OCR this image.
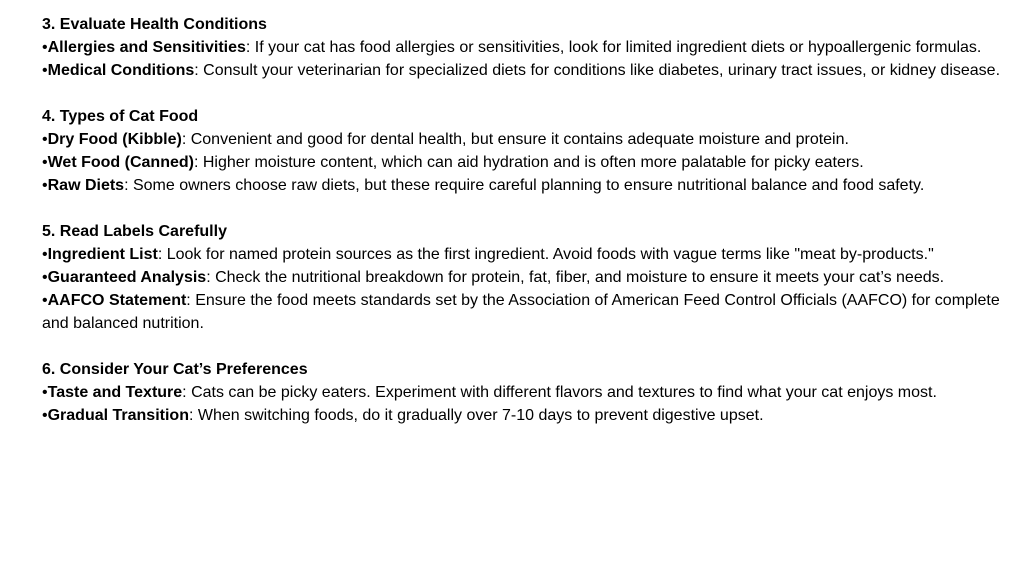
3. Evaluate Health Conditions

•Allergies and Sensitivities: If your cat has food allergies or sensitivities, look for limited ingredient diets or hypoallergenic formulas.

•Medical Conditions: Consult your veterinarian for specialized diets for conditions like diabetes, urinary tract issues, or kidney disease.

4. Types of Cat Food

•Dry Food (Kibble): Convenient and good for dental health, but ensure it contains adequate moisture and protein.

•Wet Food (Canned): Higher moisture content, which can aid hydration and is often more palatable for picky eaters.

•Raw Diets: Some owners choose raw diets, but these require careful planning to ensure nutritional balance and food safety.

5. Read Labels Carefully

•Ingredient List: Look for named protein sources as the first ingredient. Avoid foods with vague terms like "meat by-products."

•Guaranteed Analysis: Check the nutritional breakdown for protein, fat, fiber, and moisture to ensure it meets your cat’s needs.

•AAFCO Statement: Ensure the food meets standards set by the Association of American Feed Control Officials (AAFCO) for complete and balanced nutrition.

6. Consider Your Cat’s Preferences

•Taste and Texture: Cats can be picky eaters. Experiment with different flavors and textures to find what your cat enjoys most.

•Gradual Transition: When switching foods, do it gradually over 7-10 days to prevent digestive upset.
